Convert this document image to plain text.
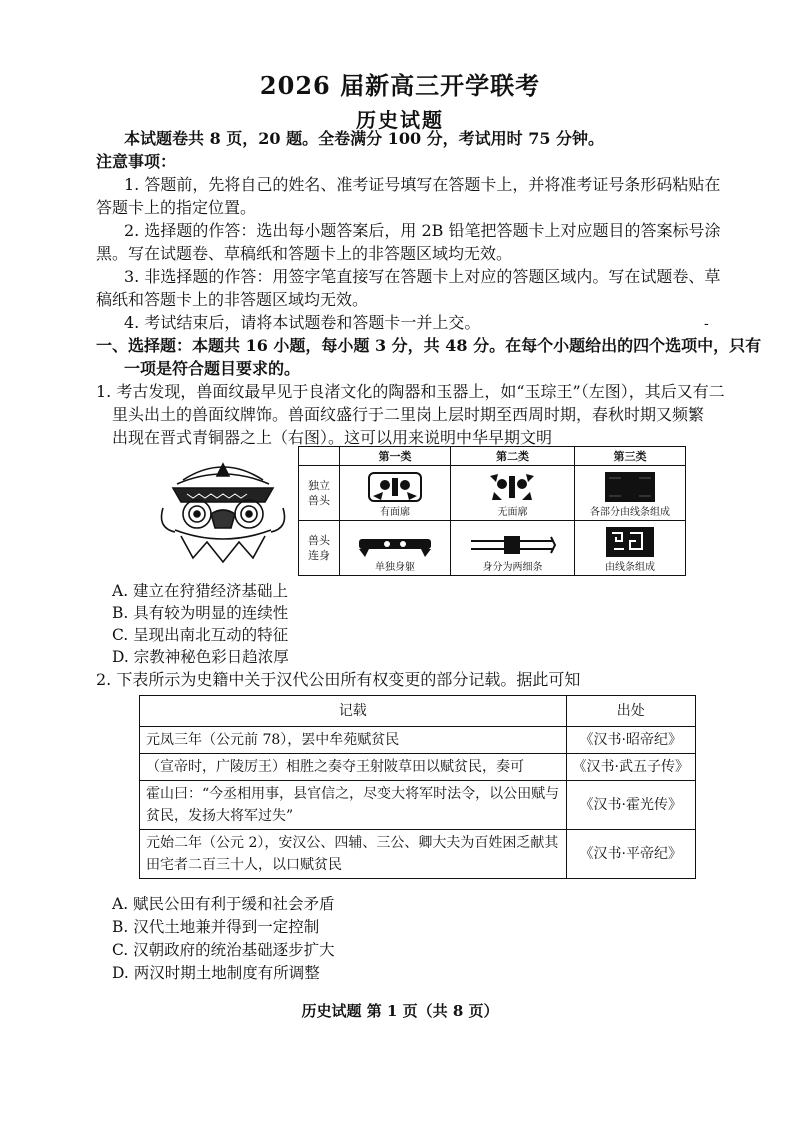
2026 届新高三开学联考
历史试题
本试题卷共 8 页，20 题。全卷满分 100 分，考试用时 75 分钟。
注意事项：
1. 答题前，先将自己的姓名、准考证号填写在答题卡上，并将准考证号条形码粘贴在
答题卡上的指定位置。
2. 选择题的作答：选出每小题答案后，用 2B 铅笔把答题卡上对应题目的答案标号涂
黑。写在试题卷、草稿纸和答题卡上的非答题区域均无效。
3. 非选择题的作答：用签字笔直接写在答题卡上对应的答题区域内。写在试题卷、草
稿纸和答题卡上的非答题区域均无效。
4. 考试结束后，请将本试题卷和答题卡一并上交。	-
一、选择题：本题共 16 小题，每小题 3 分，共 48 分。在每个小题给出的四个选项中，只有
一项是符合题目要求的。
1. 考古发现，兽面纹最早见于良渚文化的陶器和玉器上，如“玉琮王”（左图），其后又有二
里头出土的兽面纹牌饰。兽面纹盛行于二里岗上层时期至西周时期，春秋时期又频繁
出现在晋式青铜器之上（右图）。这可以用来说明中华早期文明
	第一类	第二类	第三类
独立兽头	有面廓	无面廓	各部分由线条组成

兽头连身	单独身躯	身分为两细条	由线条组成
A. 建立在狩猎经济基础上
B. 具有较为明显的连续性
C. 呈现出南北互动的特征
D. 宗教神秘色彩日趋浓厚
2. 下表所示为史籍中关于汉代公田所有权变更的部分记载。据此可知
记载	出处
元凤三年（公元前 78），罢中牟苑赋贫民	《汉书·昭帝纪》
（宣帝时，广陵厉王）相胜之奏夺王射陂草田以赋贫民，奏可	《汉书·武五子传》
霍山曰：“今丞相用事，县官信之，尽变大将军时法令，以公田赋与贫民，发扬大将军过失”	《汉书·霍光传》
元始二年（公元 2），安汉公、四辅、三公、卿大夫为百姓困乏献其田宅者二百三十人，以口赋贫民	《汉书·平帝纪》
A. 赋民公田有利于缓和社会矛盾
B. 汉代土地兼并得到一定控制
C. 汉朝政府的统治基础逐步扩大
D. 两汉时期土地制度有所调整
历史试题 第 1 页（共 8 页）
